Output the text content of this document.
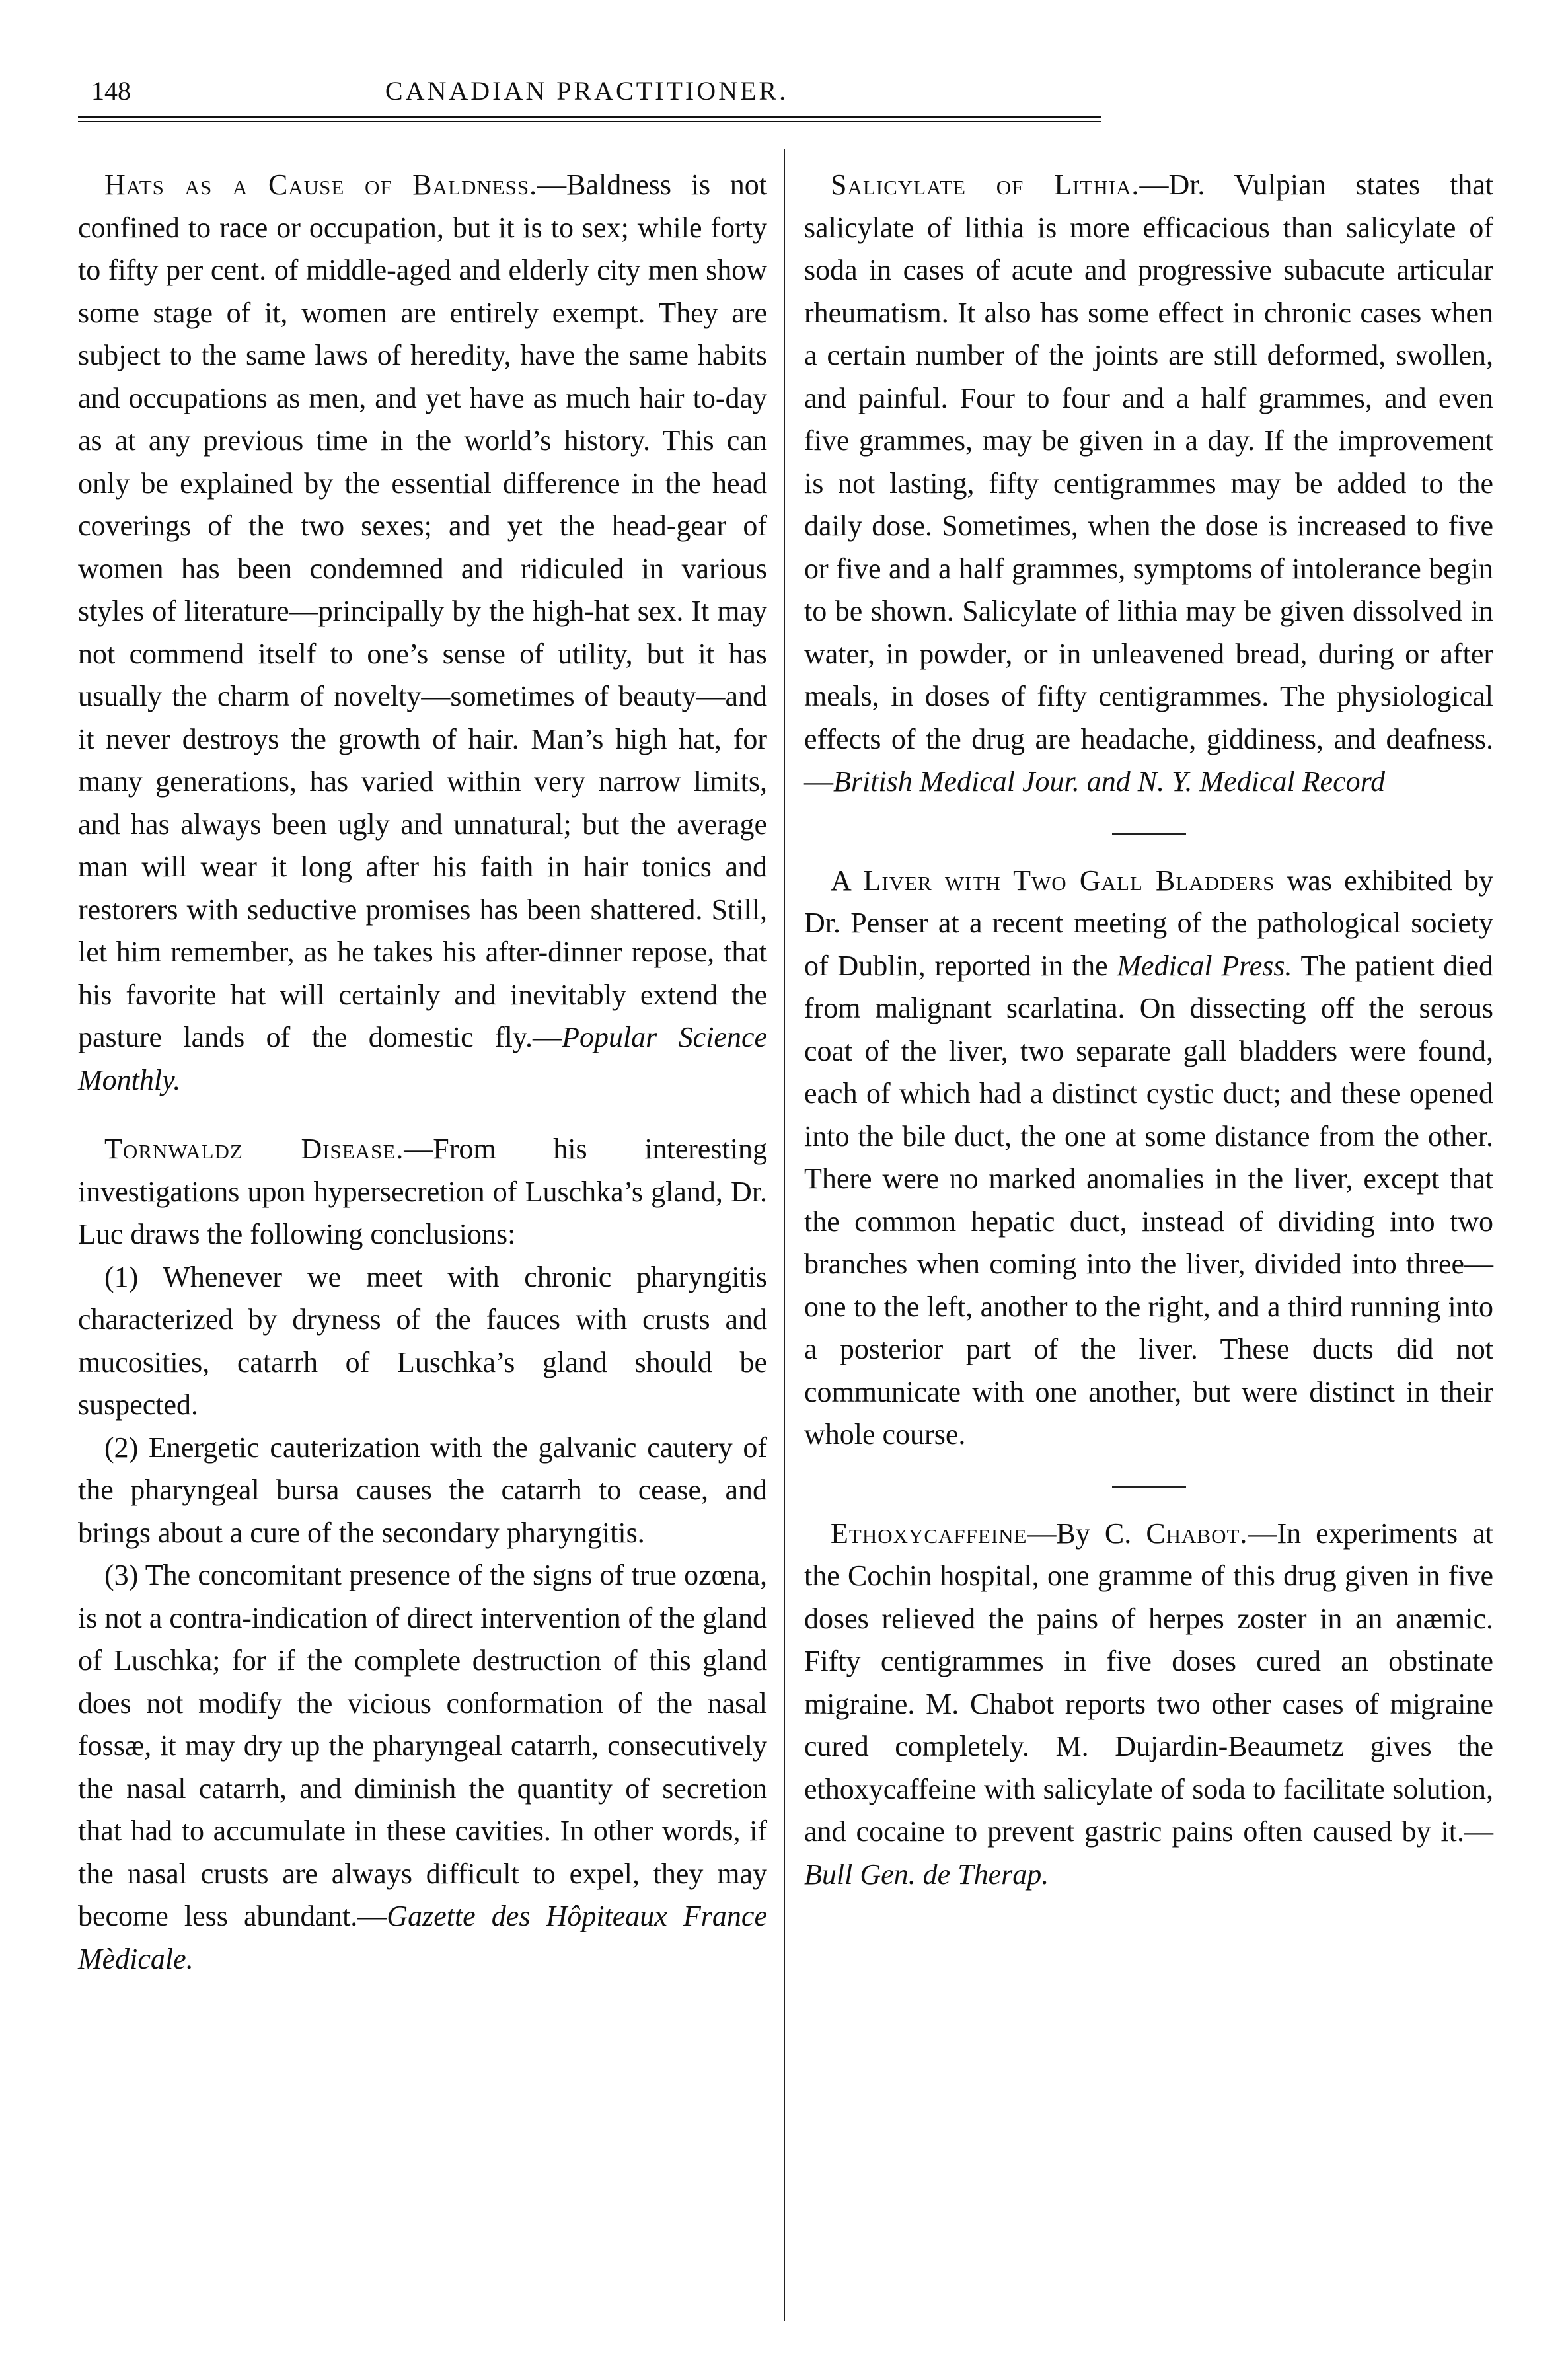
148	CANADIAN PRACTITIONER.

Hats as a Cause of Baldness.—Baldness is not confined to race or occupation, but it is to sex; while forty to fifty per cent. of middle-aged and elderly city men show some stage of it, women are entirely exempt. They are subject to the same laws of heredity, have the same habits and occupations as men, and yet have as much hair to-day as at any previous time in the world’s history. This can only be explained by the essential difference in the head coverings of the two sexes; and yet the head-gear of women has been condemned and ridiculed in various styles of literature—principally by the high-hat sex. It may not commend itself to one’s sense of utility, but it has usually the charm of novelty—sometimes of beauty—and it never destroys the growth of hair. Man’s high hat, for many generations, has varied within very narrow limits, and has always been ugly and unnatural; but the average man will wear it long after his faith in hair tonics and restorers with seductive promises has been shattered. Still, let him remember, as he takes his after-dinner repose, that his favorite hat will certainly and inevitably extend the pasture lands of the domestic fly.—Popular Science Monthly.

Tornwaldz Disease.—From his interesting investigations upon hypersecretion of Luschka’s gland, Dr. Luc draws the following conclusions:

(1) Whenever we meet with chronic pharyngitis characterized by dryness of the fauces with crusts and mucosities, catarrh of Luschka’s gland should be suspected.

(2) Energetic cauterization with the galvanic cautery of the pharyngeal bursa causes the catarrh to cease, and brings about a cure of the secondary pharyngitis.

(3) The concomitant presence of the signs of true ozœna, is not a contra-indication of direct intervention of the gland of Luschka; for if the complete destruction of this gland does not modify the vicious conformation of the nasal fossæ, it may dry up the pharyngeal catarrh, consecutively the nasal catarrh, and diminish the quantity of secretion that had to accumulate in these cavities. In other words, if the nasal crusts are always difficult to expel, they may become less abundant.—Gazette des Hôpiteaux France Mèdicale.

Salicylate of Lithia.—Dr. Vulpian states that salicylate of lithia is more efficacious than salicylate of soda in cases of acute and progressive subacute articular rheumatism. It also has some effect in chronic cases when a certain number of the joints are still deformed, swollen, and painful. Four to four and a half grammes, and even five grammes, may be given in a day. If the improvement is not lasting, fifty centigrammes may be added to the daily dose. Sometimes, when the dose is increased to five or five and a half grammes, symptoms of intolerance begin to be shown. Salicylate of lithia may be given dissolved in water, in powder, or in unleavened bread, during or after meals, in doses of fifty centigrammes. The physiological effects of the drug are headache, giddiness, and deafness.—British Medical Jour. and N. Y. Medical Record

A Liver with Two Gall Bladders was exhibited by Dr. Penser at a recent meeting of the pathological society of Dublin, reported in the Medical Press. The patient died from malignant scarlatina. On dissecting off the serous coat of the liver, two separate gall bladders were found, each of which had a distinct cystic duct; and these opened into the bile duct, the one at some distance from the other. There were no marked anomalies in the liver, except that the common hepatic duct, instead of dividing into two branches when coming into the liver, divided into three—one to the left, another to the right, and a third running into a posterior part of the liver. These ducts did not communicate with one another, but were distinct in their whole course.

Ethoxycaffeine—By C. Chabot.—In experiments at the Cochin hospital, one gramme of this drug given in five doses relieved the pains of herpes zoster in an anæmic. Fifty centigrammes in five doses cured an obstinate migraine. M. Chabot reports two other cases of migraine cured completely. M. Dujardin-Beaumetz gives the ethoxycaffeine with salicylate of soda to facilitate solution, and cocaine to prevent gastric pains often caused by it.—Bull Gen. de Therap.
